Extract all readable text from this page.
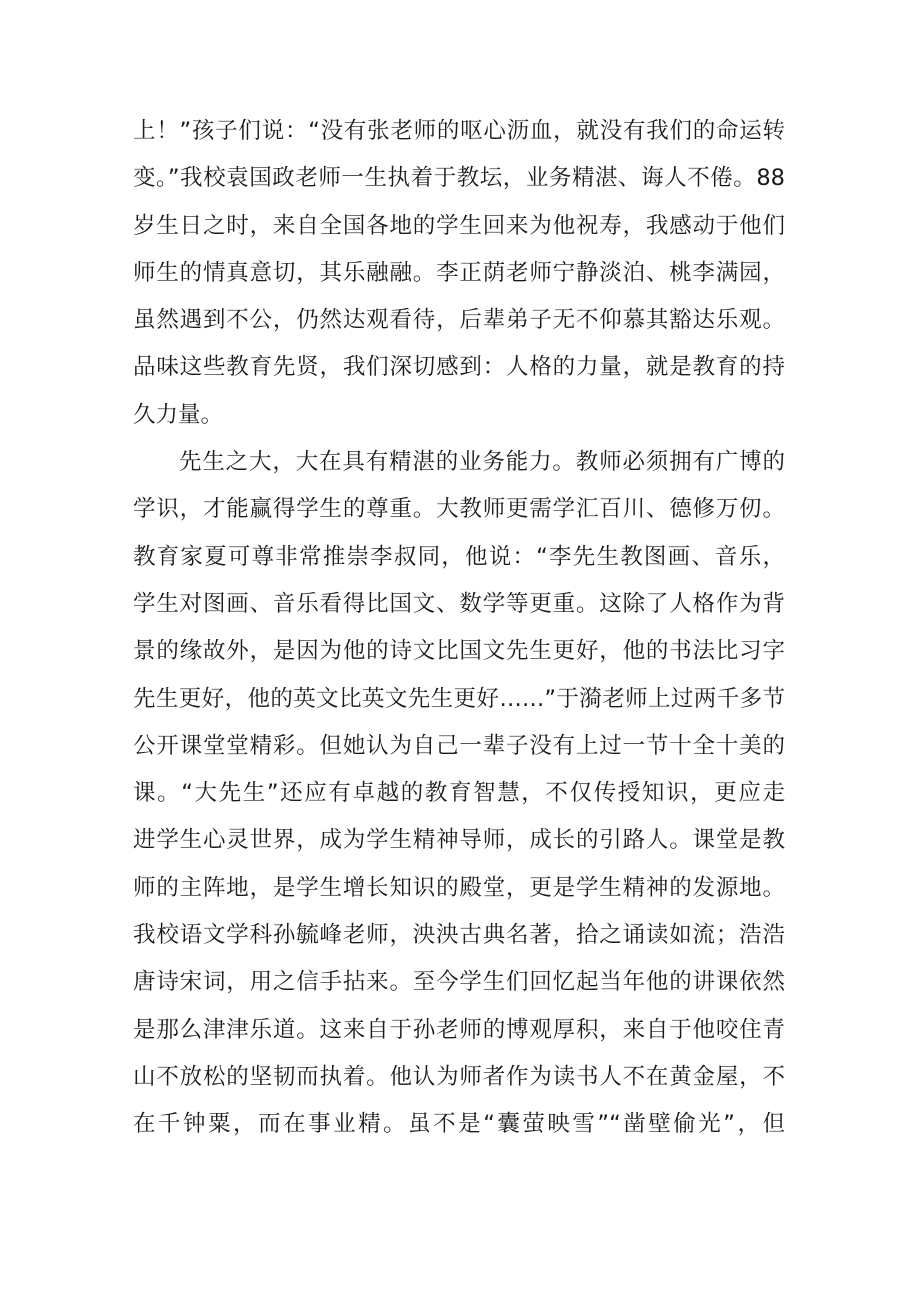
上！”孩子们说：“没有张老师的呕心沥血，就没有我们的命运转
变。”我校袁国政老师一生执着于教坛，业务精湛、诲人不倦。88
岁生日之时，来自全国各地的学生回来为他祝寿，我感动于他们
师生的情真意切，其乐融融。李正荫老师宁静淡泊、桃李满园，
虽然遇到不公，仍然达观看待，后辈弟子无不仰慕其豁达乐观。
品味这些教育先贤，我们深切感到：人格的力量，就是教育的持
久力量。
先生之大，大在具有精湛的业务能力。教师必须拥有广博的
学识，才能赢得学生的尊重。大教师更需学汇百川、德修万仞。
教育家夏可尊非常推崇李叔同，他说：“李先生教图画、音乐，
学生对图画、音乐看得比国文、数学等更重。这除了人格作为背
景的缘故外，是因为他的诗文比国文先生更好，他的书法比习字
先生更好，他的英文比英文先生更好……”于漪老师上过两千多节
公开课堂堂精彩。但她认为自己一辈子没有上过一节十全十美的
课。“大先生”还应有卓越的教育智慧，不仅传授知识，更应走
进学生心灵世界，成为学生精神导师，成长的引路人。课堂是教
师的主阵地，是学生增长知识的殿堂，更是学生精神的发源地。
我校语文学科孙毓峰老师，泱泱古典名著，拾之诵读如流；浩浩
唐诗宋词，用之信手拈来。至今学生们回忆起当年他的讲课依然
是那么津津乐道。这来自于孙老师的博观厚积，来自于他咬住青
山不放松的坚韧而执着。他认为师者作为读书人不在黄金屋，不
在千钟粟，而在事业精。虽不是“囊萤映雪”“凿壁偷光”，但
